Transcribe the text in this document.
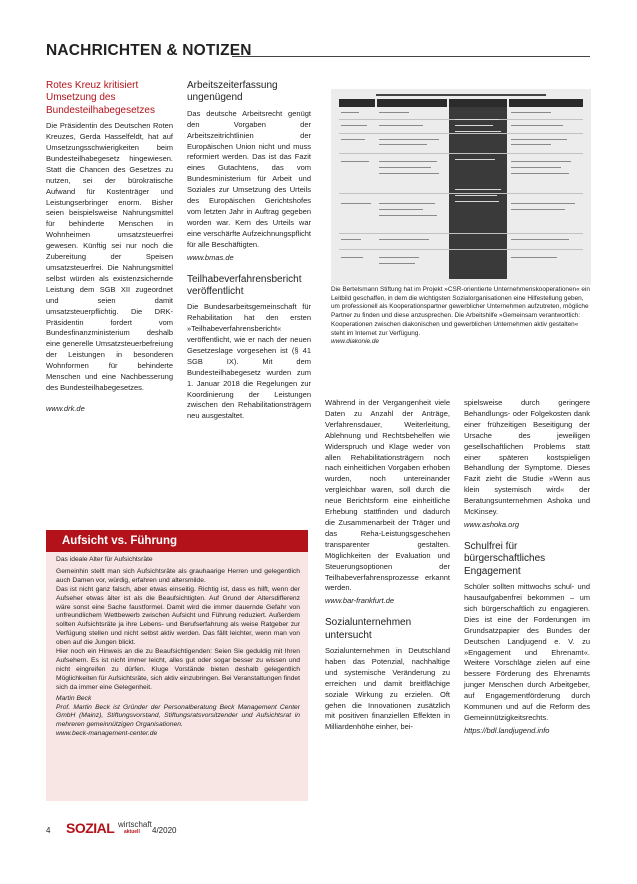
NACHRICHTEN & NOTIZEN
Rotes Kreuz kritisiert Umsetzung des Bundesteilhabegesetzes
Die Präsidentin des Deutschen Roten Kreuzes, Gerda Hasselfeldt, hat auf Umsetzungsschwierigkeiten beim Bundesteilhabegesetz hingewiesen. Statt die Chancen des Gesetzes zu nutzen, sei der bürokratische Aufwand für Kostenträger und Leistungserbringer enorm. Bisher seien beispielsweise Nahrungsmittel für behinderte Menschen in Wohnheimen umsatzsteuerfrei gewesen. Künftig sei nur noch die Zubereitung der Speisen umsatzsteuerfrei. Die Nahrungsmittel selbst würden als existenzsichernde Leistung dem SGB XII zugeordnet und seien damit umsatzsteuerpflichtig. Die DRK-Präsidentin fordert vom Bundesfinanzministerium deshalb eine generelle Umsatzsteuerbefreiung der Leistungen in besonderen Wohnformen für behinderte Menschen und eine Nachbesserung des Bundesteilhabegesetzes.
www.drk.de
Arbeitszeiterfassung ungenügend
Das deutsche Arbeitsrecht genügt den Vorgaben der Arbeitszeitrichtlinien der Europäischen Union nicht und muss reformiert werden. Das ist das Fazit eines Gutachtens, das vom Bundesministerium für Arbeit und Soziales zur Umsetzung des Urteils des Europäischen Gerichtshofes vom letzten Jahr in Auftrag gegeben worden war. Kern des Urteils war eine verschärfte Aufzeichnungspflicht für alle Beschäftigten.
www.bmas.de
Teilhabeverfahrensbericht veröffentlicht
Die Bundesarbeitsgemeinschaft für Rehabilitation hat den ersten »Teilhabeverfahrensbericht« veröffentlicht, wie er nach der neuen Gesetzeslage vorgesehen ist (§ 41 SGB IX). Mit dem Bundesteilhabegesetz wurden zum 1. Januar 2018 die Regelungen zur Koordinierung der Leistungen zwischen den Rehabilitationsträgern neu ausgestaltet.
Die Bertelsmann Stiftung hat im Projekt »CSR-orientierte Unternehmenskooperationen« ein Leitbild geschaffen, in dem die wichtigsten Sozialorganisationen eine Hilfestellung geben, um professionell als Kooperationspartner gewerblicher Unternehmen aufzutreten, mögliche Partner zu finden und diese anzusprechen. Die Arbeitshilfe »Gemeinsam verantwortlich: Kooperationen zwischen diakonischen und gewerblichen Unternehmen aktiv gestalten« steht im Internet zur Verfügung.
www.diakonie.de
Während in der Vergangenheit viele Daten zu Anzahl der Anträge, Verfahrensdauer, Weiterleitung, Ablehnung und Rechtsbehelfen wie Widerspruch und Klage weder von allen Rehabilitationsträgern noch nach einheitlichen Vorgaben erhoben wurden, noch untereinander vergleichbar waren, soll durch die neue Berichtsform eine einheitliche Erhebung stattfinden und dadurch die Zusammenarbeit der Träger und das Reha-Leistungsgeschehen transparenter gestalten. Möglichkeiten der Evaluation und Steuerungsoptionen der Teilhabeverfahrensprozesse erkannt werden.
www.bar-frankfurt.de
Sozialunternehmen untersucht
Sozialunternehmen in Deutschland haben das Potenzial, nachhaltige und systemische Veränderung zu erreichen und damit breitflächige soziale Wirkung zu erzielen. Oft gehen die Innovationen zusätzlich mit positiven finanziellen Effekten in Milliardenhöhe einher, bei-
spielsweise durch geringere Behandlungs- oder Folgekosten dank einer frühzeitigen Beseitigung der Ursache des jeweiligen gesellschaftlichen Problems statt einer späteren kostspieligen Behandlung der Symptome. Dieses Fazit zieht die Studie »Wenn aus klein systemisch wird« der Beratungsunternehmen Ashoka und McKinsey.
www.ashoka.org
Schulfrei für bürgerschaftliches Engagement
Schüler sollten mittwochs schul- und hausaufgabenfrei bekommen – um sich bürgerschaftlich zu engagieren. Dies ist eine der Forderungen im Grundsatzpapier des Bundes der Deutschen Landjugend e. V. zu »Engagement und Ehrenamt«. Weitere Vorschläge zielen auf eine bessere Förderung des Ehrenamts junger Menschen durch Arbeitgeber, auf Engagementförderung durch Kommunen und auf die Reform des Gemeinnützigkeitsrechts.
https://bdl.landjugend.info
Aufsicht vs. Führung
Das ideale Alter für Aufsichtsräte
Gemeinhin stellt man sich Aufsichtsräte als grauhaarige Herren und gelegentlich auch Damen vor, würdig, erfahren und altersmilde.
Das ist nicht ganz falsch, aber etwas einseitig. Richtig ist, dass es hilft, wenn der Aufseher etwas älter ist als die Beaufsichtigten. Auf Grund der Altersdifferenz wäre sonst eine Sache faustformel. Damit wird die immer dauernde Gefahr von unfreundlichem Wettbewerb zwischen Aufsicht und Führung reduziert. Außerdem sollten Aufsichtsräte ja ihre Lebens- und Berufserfahrung als weise Ratgeber zur Verfügung stellen und nicht selbst aktiv werden. Das fällt leichter, wenn man von oben auf die Jungen blickt.
Hier noch ein Hinweis an die zu Beaufsichtigenden: Seien Sie geduldig mit Ihren Aufsehern. Es ist nicht immer leicht, alles gut oder sogar besser zu wissen und nicht eingreifen zu dürfen. Kluge Vorstände bieten deshalb gelegentlich Möglichkeiten für Aufsichtsräte, sich aktiv einzubringen. Bei Veranstaltungen findet sich da immer eine Gelegenheit.
Martin Beck
Prof. Martin Beck ist Gründer der Personalberatung Beck Management Center GmbH (Mainz), Stiftungsvorstand, Stiftungsratsvorsitzender und Aufsichtsrat in mehreren gemeinnützigen Organisationen.
www.beck-management-center.de
4 SOZIAL wirtschaft
aktuell 4/2020
